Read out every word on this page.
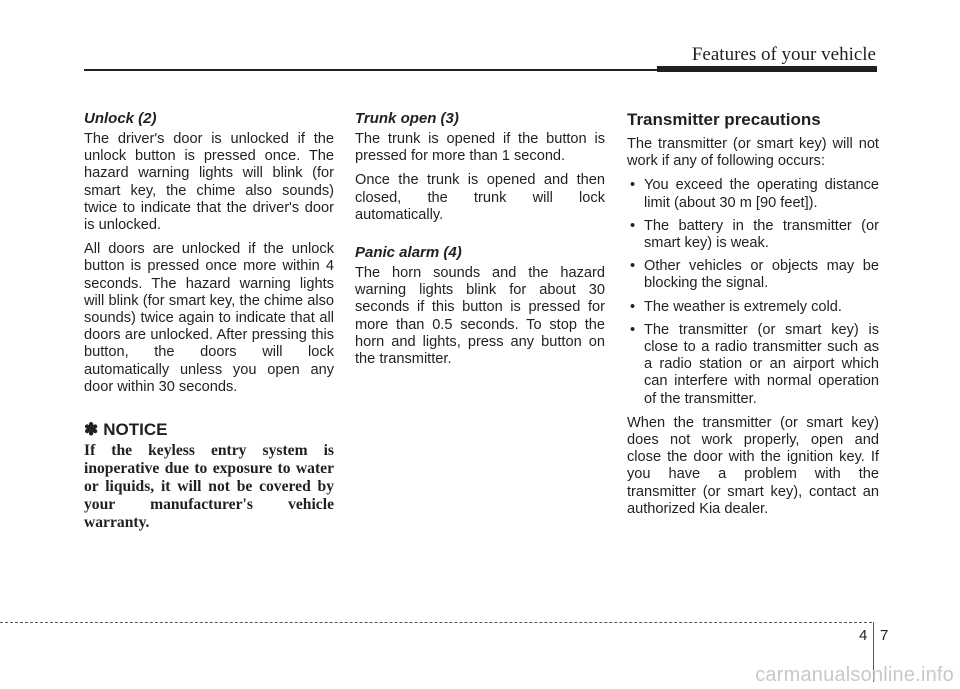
Features of your vehicle

Unlock (2)

The driver's door is unlocked if the unlock button is pressed once. The hazard warning lights will blink (for smart key, the chime also sounds) twice to indicate that the driver's door is unlocked.

All doors are unlocked if the unlock button is pressed once more within 4 seconds. The hazard warning lights will blink (for smart key, the chime also sounds) twice again to indicate that all doors are unlocked. After pressing this button, the doors will lock automatically unless you open any door within 30 seconds.

✽ NOTICE

If the keyless entry system is inoperative due to exposure to water or liquids, it will not be covered by your manufacturer's vehicle warranty.

Trunk open (3)

The trunk is opened if the button is pressed for more than 1 second.

Once the trunk is opened and then closed, the trunk will lock automatically.

Panic alarm (4)

The horn sounds and the hazard warning lights blink for about 30 seconds if this button is pressed for more than 0.5 seconds. To stop the horn and lights, press any button on the transmitter.

Transmitter precautions

The transmitter (or smart key) will not work if any of following occurs:

• You exceed the operating distance limit (about 30 m [90 feet]).
• The battery in the transmitter (or smart key) is weak.
• Other vehicles or objects may be blocking the signal.
• The weather is extremely cold.
• The transmitter (or smart key) is close to a radio transmitter such as a radio station or an airport which can interfere with normal operation of the transmitter.

When the transmitter (or smart key) does not work properly, open and close the door with the ignition key. If you have a problem with the transmitter (or smart key), contact an authorized Kia dealer.

4 7
carmanualsonline.info
